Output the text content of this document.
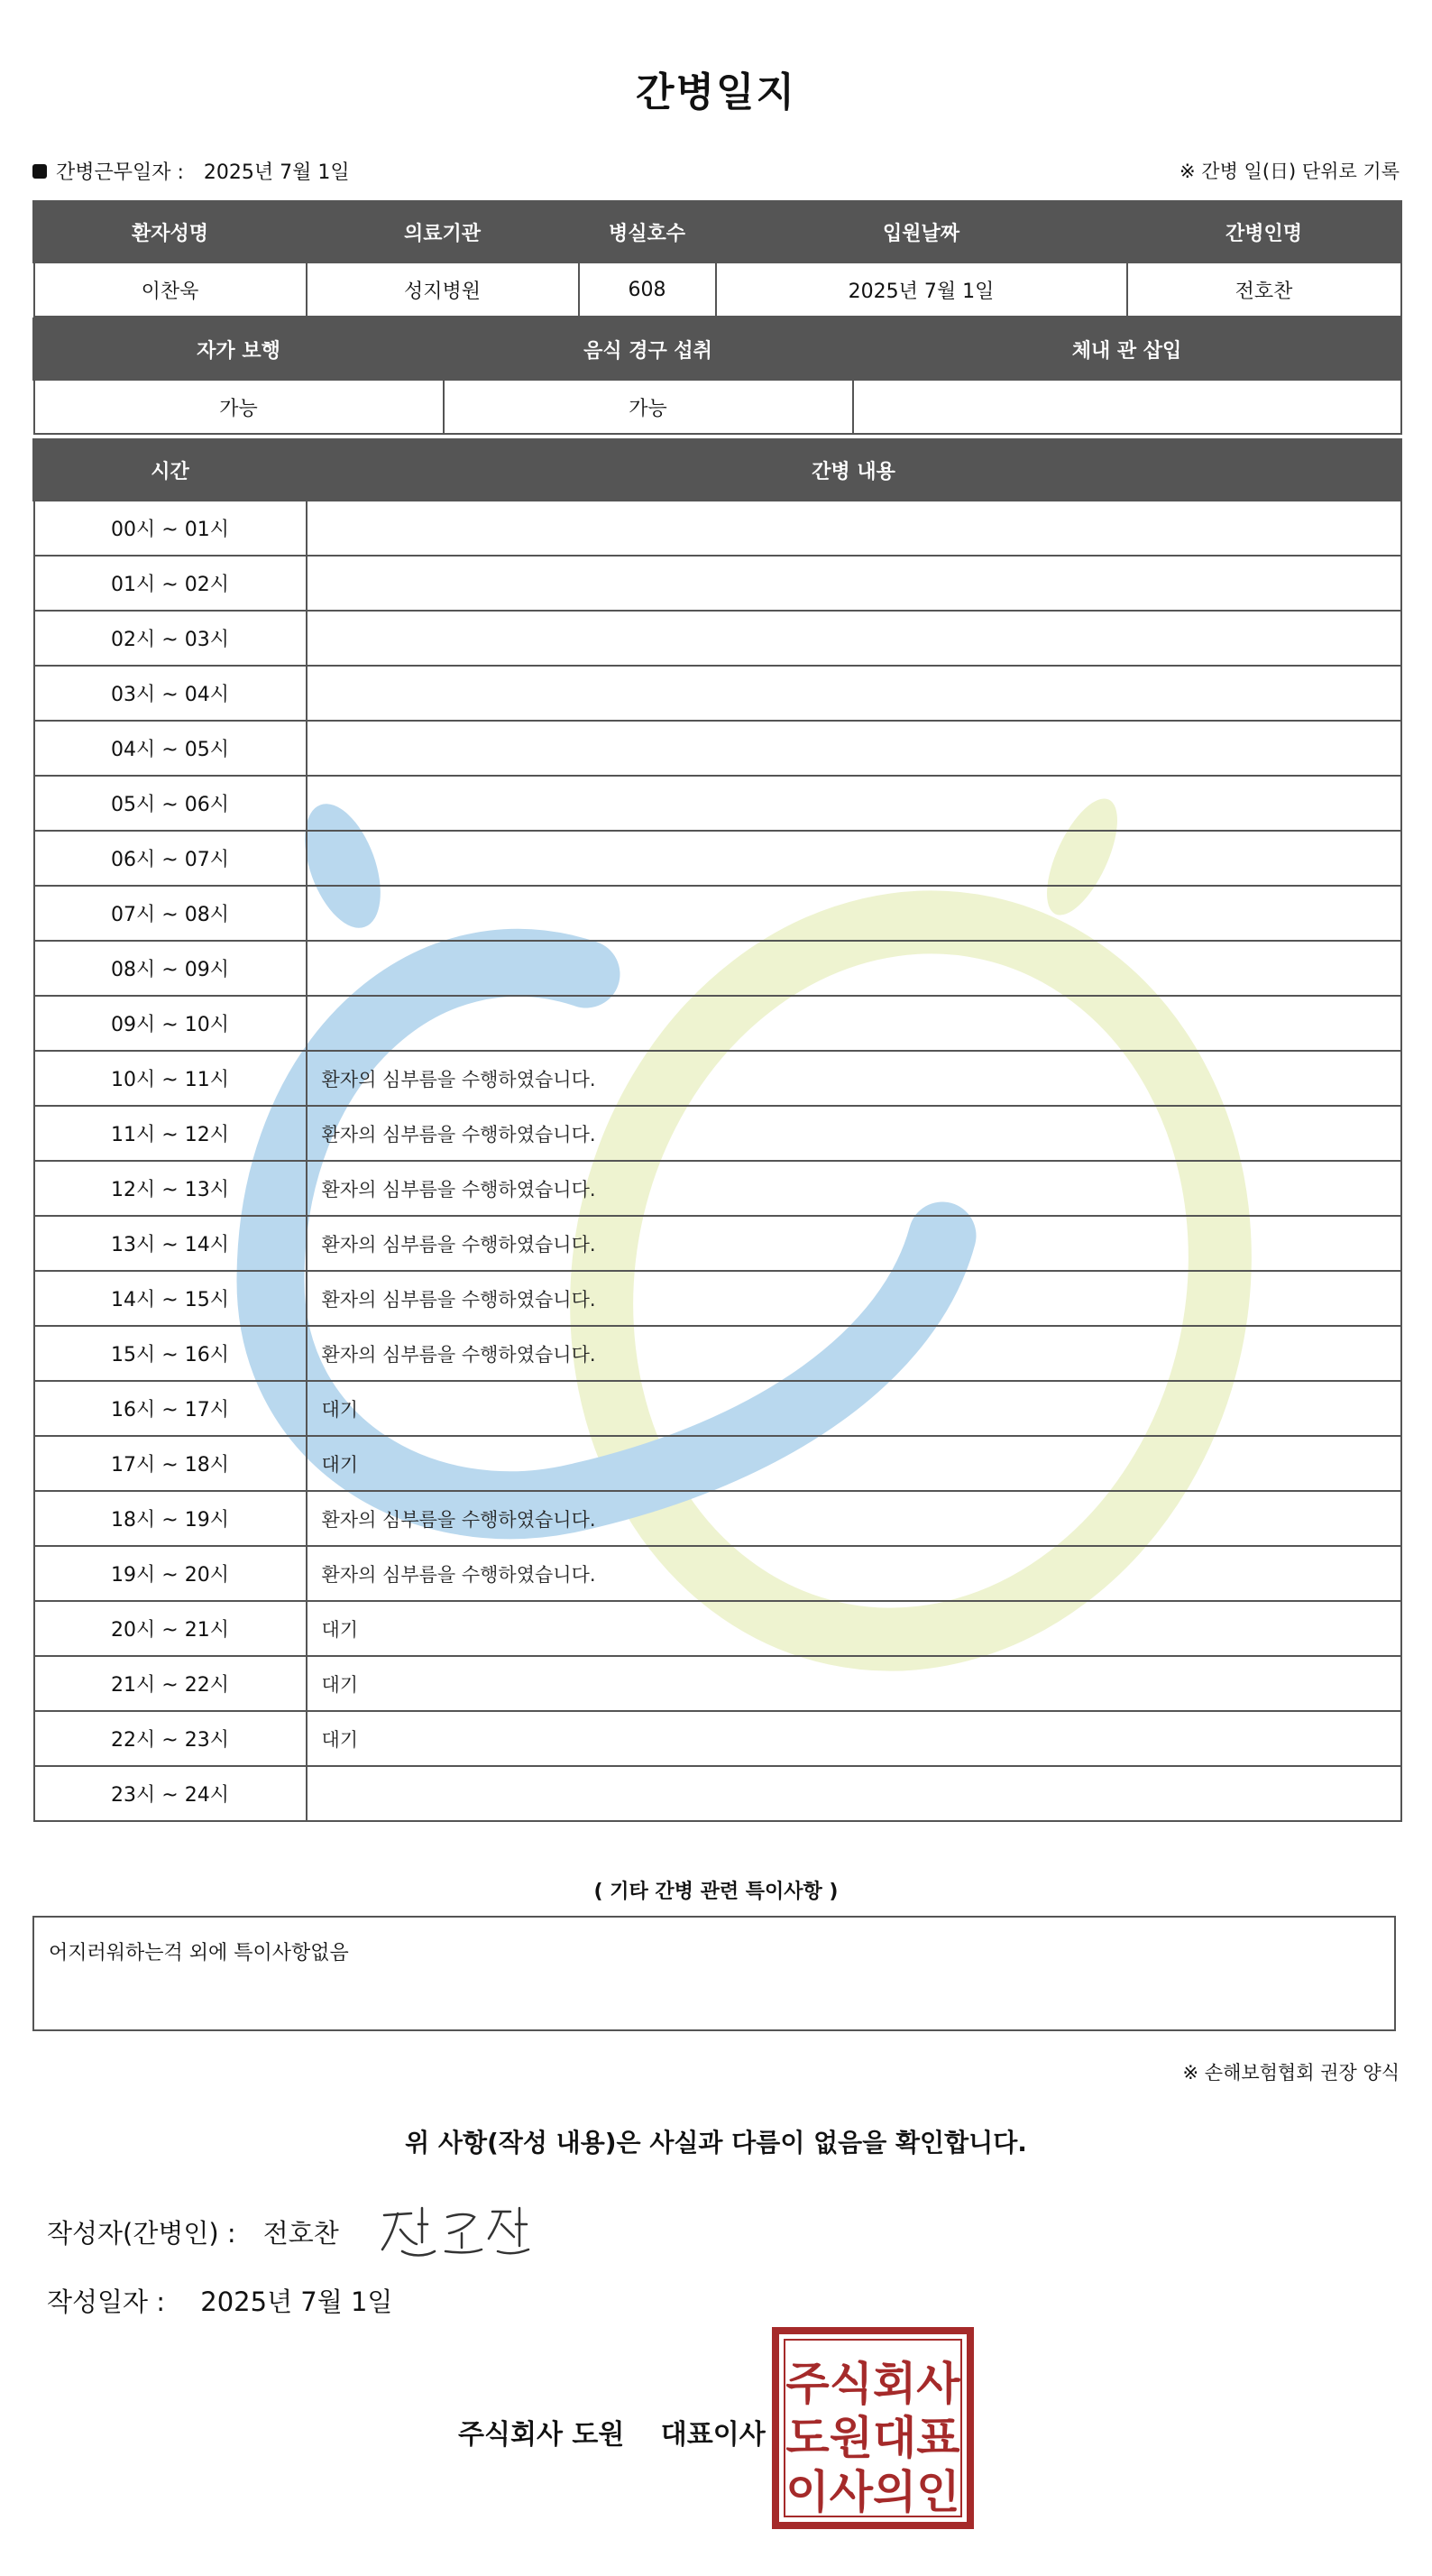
간병일지
간병근무일자 : 2025년 7월 1일	※ 간병 일(日) 단위로 기록
환자성명	의료기관	병실호수	입원날짜	간병인명
이찬욱	성지병원	608	2025년 7월 1일	전호찬
자가 보행	음식 경구 섭취	체내 관 삽입
가능	가능	
시간	간병 내용
00시 ~ 01시	
01시 ~ 02시	
02시 ~ 03시	
03시 ~ 04시	
04시 ~ 05시	
05시 ~ 06시	
06시 ~ 07시	
07시 ~ 08시	
08시 ~ 09시	
09시 ~ 10시	
10시 ~ 11시	환자의 심부름을 수행하였습니다.
11시 ~ 12시	환자의 심부름을 수행하였습니다.
12시 ~ 13시	환자의 심부름을 수행하였습니다.
13시 ~ 14시	환자의 심부름을 수행하였습니다.
14시 ~ 15시	환자의 심부름을 수행하였습니다.
15시 ~ 16시	환자의 심부름을 수행하였습니다.
16시 ~ 17시	대기
17시 ~ 18시	대기
18시 ~ 19시	환자의 심부름을 수행하였습니다.
19시 ~ 20시	환자의 심부름을 수행하였습니다.
20시 ~ 21시	대기
21시 ~ 22시	대기
22시 ~ 23시	대기
23시 ~ 24시	
( 기타 간병 관련 특이사항 )
어지러워하는걱 외에 특이사항없음
※ 손해보험협회 권장 양식
위 사항(작성 내용)은 사실과 다름이 없음을 확인합니다.
작성자(간병인) : 전호찬
작성일자 : 2025년 7월 1일
주식회사 도원 대표이사
주식회사
도원대표
이사의인
